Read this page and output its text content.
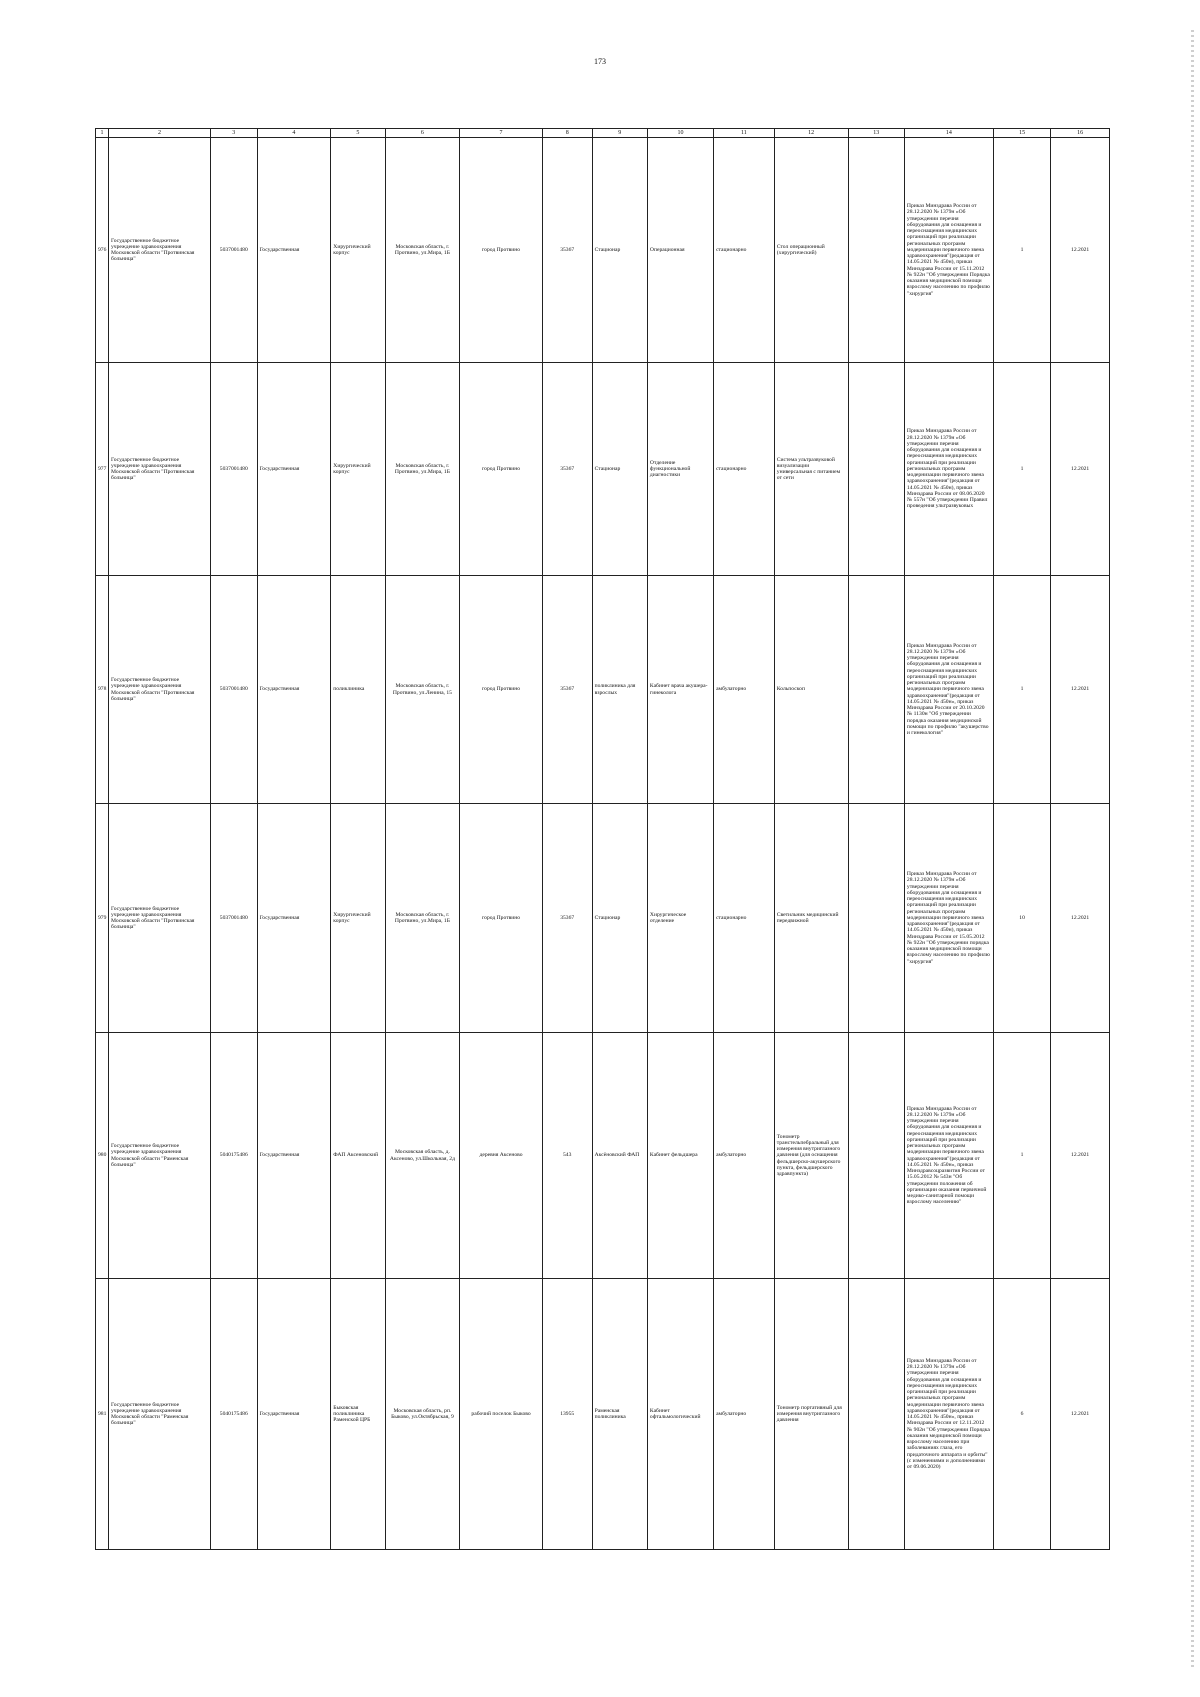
173
1	2	3	4	5	6	7	8	9	10	11	12	13	14	15	16
976	Государственное бюджетное учреждение здравоохранения Московской области "Протвинская больница"	5037001480	Государственная	Хирургический корпус	Московская область, г. Протвино, ул.Мира, 1Б	город Протвино	35367	Стационар	Операционная	стационарно	Стол операционный (хирургический)		Приказ Минздрава России от 28.12.2020 № 1379н «Об утверждении перечня оборудования для оснащения и переоснащения медицинских организаций при реализации региональных программ модернизации первичного звена здравоохранения"(редакция от 14.05.2021 № 450н), приказ Минздрава России от 15.11.2012 № 922н "Об утверждении Порядка оказания медицинской помощи взрослому населению по профилю "хирургия"	1	12.2021
977	Государственное бюджетное учреждение здравоохранения Московской области "Протвинская больница"	5037001480	Государственная	Хирургический корпус	Московская область, г. Протвино, ул.Мира, 1Б	город Протвино	35367	Стационар	Отделение функциональной диагностики	стационарно	Система ультразвуковой визуализации универсальная с питанием от сети		Приказ Минздрава России от 28.12.2020 № 1379н «Об утверждении перечня оборудования для оснащения и переоснащения медицинских организаций при реализации региональных программ модернизации первичного звена здравоохранения"(редакция от 14.05.2021 № 450н), приказ Минздрава России от 08.06.2020 № 557н "Об утверждении Правил проведения ультразвуковых	1	12.2021
978	Государственное бюджетное учреждение здравоохранения Московской области "Протвинская больница"	5037001480	Государственная	поликлиника	Московская область, г. Протвино, ул.Ленина, 15	город Протвино	35367	поликлиника для взрослых	Кабинет врача акушера-гинеколога	амбулаторно	Кольпоскоп		Приказ Минздрава России от 28.12.2020 № 1379н «Об утверждении перечня оборудования для оснащения и переоснащения медицинских организаций при реализации региональных программ модернизации первичного звена здравоохранения"(редакция от 14.05.2021 № 450н», приказ Минздрава России от 20.10.2020 № 1130н "Об утверждении порядка оказания медицинской помощи по профилю "акушерство и гинекология"	1	12.2021
979	Государственное бюджетное учреждение здравоохранения Московской области "Протвинская больница"	5037001480	Государственная	Хирургический корпус	Московская область, г. Протвино, ул.Мира, 1Б	город Протвино	35367	Стационар	Хирургическое отделение	стационарно	Светильник медицинский передвижной		Приказ Минздрава России от 28.12.2020 № 1379н «Об утверждении перечня оборудования для оснащения и переоснащения медицинских организаций при реализации региональных программ модернизации первичного звена здравоохранения"(редакция от 14.05.2021 № 450н), приказ Минздрава России от 15.05.2012 № 922н "Об утверждении порядка оказания медицинской помощи взрослому населению по профилю "хирургия"	10	12.2021
980	Государственное бюджетное учреждение здравоохранения Московской области "Раменская больница"	5040175486	Государственная	ФАП Аксеновский	Московская область, д. Аксеново, ул.Школьная, 2д	деревня Аксеново	543	Аксёновский ФАП	Кабинет фельдшера	амбулаторно	Тонометр транстельпебральный для измерения внутриглазного давления (для оснащения фельдшерско-акушерского пункта, фельдшерского здравпункта)		Приказ Минздрава России от 28.12.2020 № 1379н «Об утверждении перечня оборудования для оснащения и переоснащения медицинских организаций при реализации региональных программ модернизации первичного звена здравоохранения"(редакция от 14.05.2021 № 450н», приказ Минздравсоцразвития России от 15.05.2012 № 543н "Об утверждении положения об организации оказания первичной медико-санитарной помощи взрослому населению"	1	12.2021
981	Государственное бюджетное учреждение здравоохранения Московской области "Раменская больница"	5040175486	Государственная	Быковская поликлиника Раменской ЦРБ	Московская область, рп. Быково, ул.Октябрьская, 9	рабочий поселок Быково	13955	Раменская поликлиника	Кабинет офтальмологический	амбулаторно	Тонометр портативный для измерения внутриглазного давления		Приказ Минздрава России от 28.12.2020 № 1379н «Об утверждении перечня оборудования для оснащения и переоснащения медицинских организаций при реализации региональных программ модернизации первичного звена здравоохранения"(редакция от 14.05.2021 № 450н», приказ Минздрава России от 12.11.2012 № 902н "Об утверждении Порядка оказания медицинской помощи взрослому населению при заболеваниях глаза, его придаточного аппарата и орбиты" (с изменениями и дополнениями от 09.06.2020)	6	12.2021
